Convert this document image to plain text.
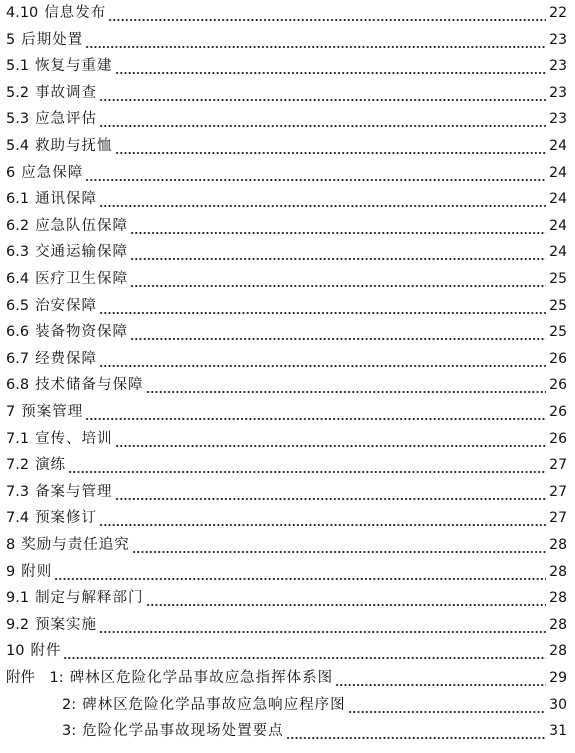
4.10 信息发布	22
5 后期处置	23
5.1 恢复与重建	23
5.2 事故调查	23
5.3 应急评估	23
5.4 救助与抚恤	24
6 应急保障	24
6.1 通讯保障	24
6.2 应急队伍保障	24
6.3 交通运输保障	24
6.4 医疗卫生保障	25
6.5 治安保障	25
6.6 装备物资保障	25
6.7 经费保障	26
6.8 技术储备与保障	26
7 预案管理	26
7.1 宣传、培训	26
7.2 演练	27
7.3 备案与管理	27
7.4 预案修订	27
8 奖励与责任追究	28
9 附则	28
9.1 制定与解释部门	28
9.2 预案实施	28
10 附件	28
附件　1: 碑林区危险化学品事故应急指挥体系图	29
2: 碑林区危险化学品事故应急响应程序图	30
3: 危险化学品事故现场处置要点	31
